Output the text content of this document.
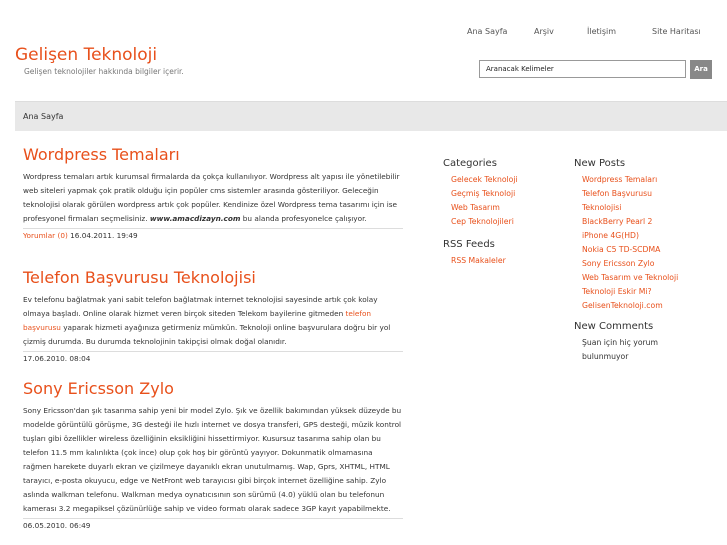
Ana Sayfa	Arşiv	İletişim	Site Haritası
Gelişen Teknoloji
Gelişen teknolojiler hakkında bilgiler içerir.	Aranacak Kelimeler	Ara
Ana Sayfa
Wordpress Temaları

Wordpress temaları artık kurumsal firmalarda da çokça kullanılıyor. Wordpress alt yapısı ile yönetilebilir web siteleri yapmak çok pratik olduğu için popüler cms sistemler arasında gösteriliyor. Geleceğin teknolojisi olarak görülen wordpress artık çok popüler. Kendinize özel Wordpress tema tasarımı için ise profesyonel firmaları seçmelisiniz. www.amacdizayn.com bu alanda profesyonelce çalışıyor.

Yorumlar (0) 16.04.2011. 19:49
Telefon Başvurusu Teknolojisi

Ev telefonu bağlatmak yani sabit telefon bağlatmak internet teknolojisi sayesinde artık çok kolay olmaya başladı. Online olarak hizmet veren birçok siteden Telekom bayilerine gitmeden telefon başvurusu yaparak hizmeti ayağınıza getirmeniz mümkün. Teknoloji online başvurulara doğru bir yol çizmiş durumda. Bu durumda teknolojinin takipçisi olmak doğal olanıdır.

17.06.2010. 08:04
Sony Ericsson Zylo

Sony Ericsson'dan şık tasarıma sahip yeni bir model Zylo. Şık ve özellik bakımından yüksek düzeyde bu modelde görüntülü görüşme, 3G desteği ile hızlı internet ve dosya transferi, GPS desteği, müzik kontrol tuşları gibi özellikler wireless özelliğinin eksikliğini hissettirmiyor. Kusursuz tasarıma sahip olan bu telefon 11.5 mm kalınlıkta (çok ince) olup çok hoş bir görüntü yayıyor. Dokunmatik olmamasına rağmen harekete duyarlı ekran ve çizilmeye dayanıklı ekran unutulmamış. Wap, Gprs, XHTML, HTML tarayıcı, e-posta okuyucu, edge ve NetFront web tarayıcısı gibi birçok internet özelliğine sahip. Zylo aslında walkman telefonu. Walkman medya oynatıcısının son sürümü (4.0) yüklü olan bu telefonun kamerası 3.2 megapiksel çözünürlüğe sahip ve video formatı olarak sadece 3GP kayıt yapabilmekte.

06.05.2010. 06:49
Categories
Gelecek Teknoloji
Geçmiş Teknoloji
Web Tasarım
Cep Teknolojileri
RSS Feeds
RSS Makaleler
New Posts
Wordpress Temaları
Telefon Başvurusu
Teknolojisi
BlackBerry Pearl 2
iPhone 4G(HD)
Nokia C5 TD-SCDMA
Sony Ericsson Zylo
Web Tasarım ve Teknoloji
Teknoloji Eskir Mi?
GelisenTeknoloji.com
New Comments
Şuan için hiç yorum bulunmuyor
